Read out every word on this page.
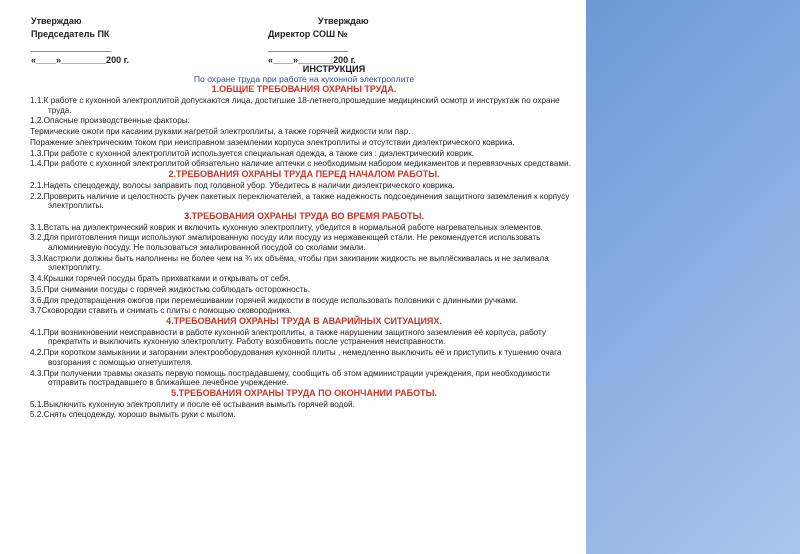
Утверждаю
Председатель ПК
__________________
«____»_________200 г.
Утверждаю
Директор СОШ №
__________________
«____»_______200 г.
ИНСТРУКЦИЯ
По охране труда при работе на кухонной электроплите
1.ОБЩИЕ ТРЕБОВАНИЯ ОХРАНЫ ТРУДА.
1.1.К работе с кухонной электроплитой допускаются лица, достигшие 18-летнего,прошедшие медицинский осмотр и инструктаж по охране труда.
1.2.Опасные производственные факторы:
Термические ожоги при касании руками нагретой электроплиты, а также горячей жидкости или пар.
Поражение электрическим током при неисправном заземлении корпуса электроплиты и отсутствии диэлектрического коврика.
1.3.При работе с кухонной электроплитой используется специальная одежда, а также сиз : диэлектрический коврик.
1.4.При работе с кухонной электроплитой обязательно наличие аптечки с необходимым набором медикаментов и перевязочных средствами.
2.ТРЕБОВАНИЯ ОХРАНЫ ТРУДА ПЕРЕД НАЧАЛОМ РАБОТЫ.
2.1.Надеть спецодежду, волосы заправить под головной убор. Убедитесь в наличии диэлектрического коврика.
2.2.Проверить наличие и целостность ручек пакетных переключателей, а также надежность подсоединения защитного заземления к корпусу электроплиты.
3.ТРЕБОВАНИЯ ОХРАНЫ ТРУДА ВО ВРЕМЯ РАБОТЫ.
3.1.Встать на диэлектрический коврик и включить кухонную электроплиту, убедится в нормальной работе нагревательных элементов.
3.2.Для приготовления пищи используют эмалированную посуду или посуду из нержавеющей стали. Не рекомендуется использовать алюминиевую посуду. Не пользоваться эмалированной посудой со сколами эмали.
3.3.Кастрюли должны быть наполнены не более чем на ¾ их объёма, чтобы при закипании жидкость не выплёскивалась и не заливала электроплиту.
3.4.Крышки горячей посуды брать прихватками и открывать от себя.
3.5.При снимании посуды с горячей жидкостью соблюдать осторожность.
3.6.Для предотвращения ожогов при перемешивании горячей жидкости в посуде использовать половники с длинными ручками.
3.7Сковородки ставить и снимать с плиты с помощью сковородника.
4.ТРЕБОВАНИЯ ОХРАНЫ ТРУДА В АВАРИЙНЫХ СИТУАЦИЯХ.
4.1.При возникновении неисправности в работе кухонной электроплиты, а также нарушении защитного заземления её корпуса, работу прекратить и выключить кухонную электроплиту. Работу возобновить после устранения неисправности.
4.2.При коротком замыкании и загорании электрооборудования кухонной плиты , немедленно выключить её и приступить к тушению очага возгорания с помощью огнетушителя.
4.3.При получении травмы оказать первую помощь пострадавшему, сообщить об этом администрации учреждения, при необходимости отправить пострадавшего в ближайшее лечебное учреждение.
5.ТРЕБОВАНИЯ ОХРАНЫ ТРУДА ПО ОКОНЧАНИИ РАБОТЫ.
5.1.Выключить кухонную электроплиту и после её остывания вымыть горячей водой.
5.2.Снять спецодежду, хорошо вымыть руки с мылом.
